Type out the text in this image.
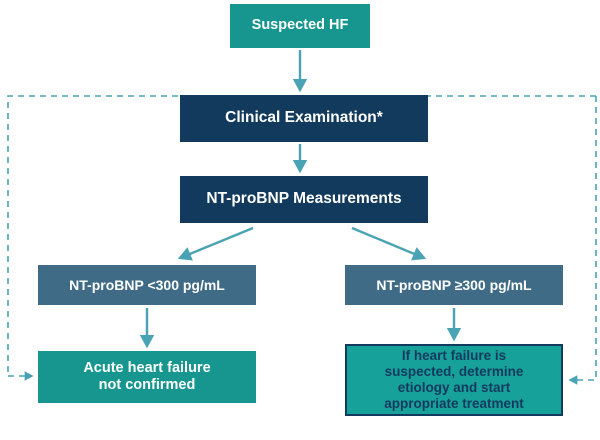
Suspected HF
Clinical Examination*
NT-proBNP Measurements
NT-proBNP <300 pg/mL	NT-proBNP ≥300 pg/mL
Acute heart failure
not confirmed
If heart failure is
suspected, determine
etiology and start
appropriate treatment
